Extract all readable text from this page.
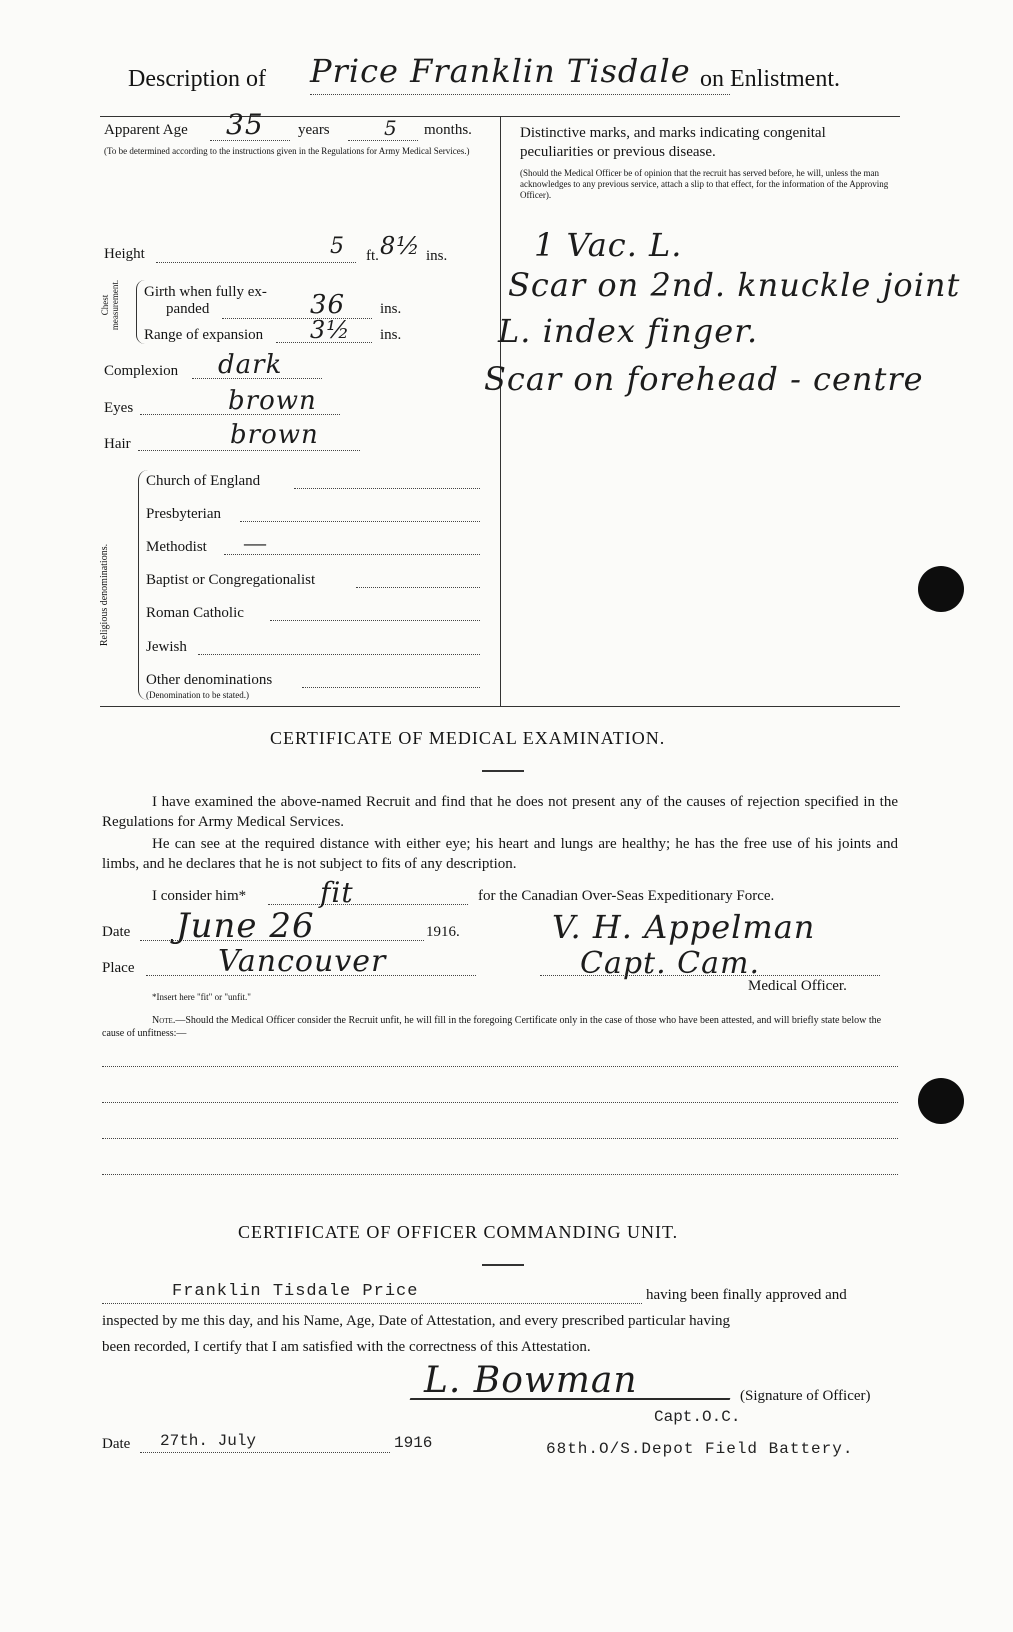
Description of Price Franklin Tisdale on Enlistment.
Apparent Age 35 years	5 months.
(To be determined according to the instructions given in the Regulations for Army Medical Services.)
Height	5 ft. 8½ ins.
Chest measurement. Girth when fully ex-
panded	36 ins.
Range of expansion 3½ ins.
Complexion dark
Eyes	brown
Hair	brown
Religious denominations.
Church of England
Presbyterian
Methodist —
Baptist or Congregationalist
Roman Catholic
Jewish
Other denominations
(Denomination to be stated.)
Distinctive marks, and marks indicating congenital peculiarities or previous disease.
(Should the Medical Officer be of opinion that the recruit has served before, he will, unless the man acknowledges to any previous service, attach a slip to that effect, for the information of the Approving Officer).
1 Vac. L.
Scar on 2nd. knuckle joint
L. index finger.
Scar on forehead - centre
CERTIFICATE OF MEDICAL EXAMINATION.
I have examined the above-named Recruit and find that he does not present any of the causes of rejection specified in the Regulations for Army Medical Services.
He can see at the required distance with either eye; his heart and lungs are healthy; he has the free use of his joints and limbs, and he declares that he is not subject to fits of any description.
I consider him*	fit	for the Canadian Over-Seas Expeditionary Force.
Date June 26	1916.
Place	Vancouver
V. H. Appelman
Capt. Cam.
Medical Officer.
*Insert here "fit" or "unfit."
Note.—Should the Medical Officer consider the Recruit unfit, he will fill in the foregoing Certificate only in the case of those who have been attested, and will briefly state below the cause of unfitness:—
CERTIFICATE OF OFFICER COMMANDING UNIT.
Franklin Tisdale Price	having been finally approved and
inspected by me this day, and his Name, Age, Date of Attestation, and every prescribed particular having
been recorded, I certify that I am satisfied with the correctness of this Attestation.
L. Bowman	(Signature of Officer)
Capt.O.C.
Date 27th. July	1916	68th.O/S.Depot Field Battery.
